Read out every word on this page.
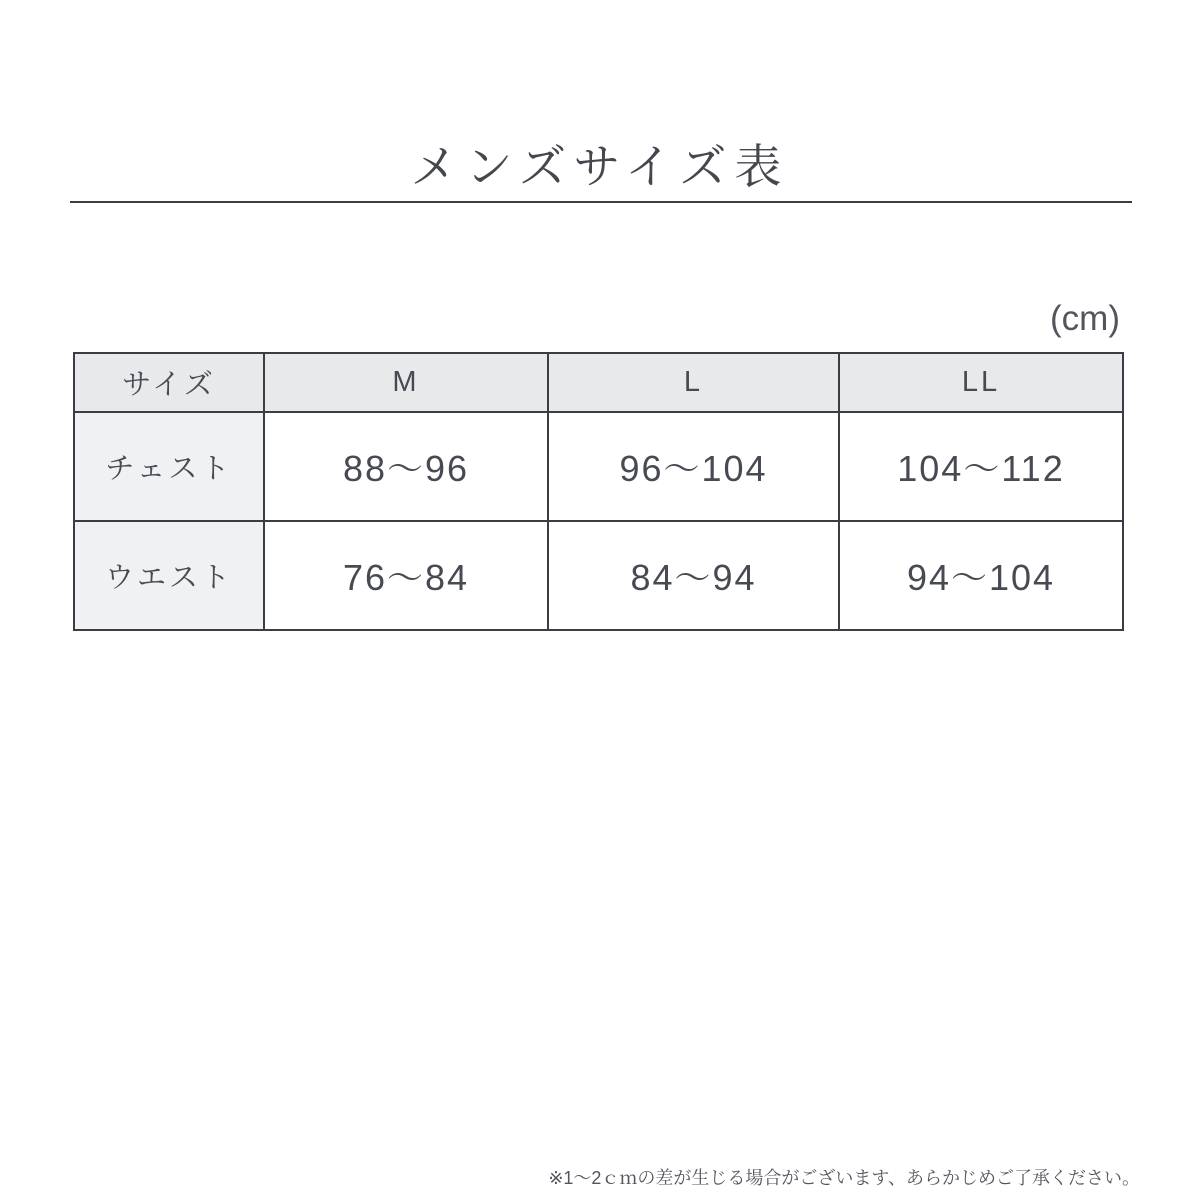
メンズサイズ表
(cm)
サイズ	M	L	LL
チェスト	88〜96	96〜104	104〜112
ウエスト	76〜84	84〜94	94〜104
※1〜2ｃｍの差が生じる場合がございます、あらかじめご了承ください。
